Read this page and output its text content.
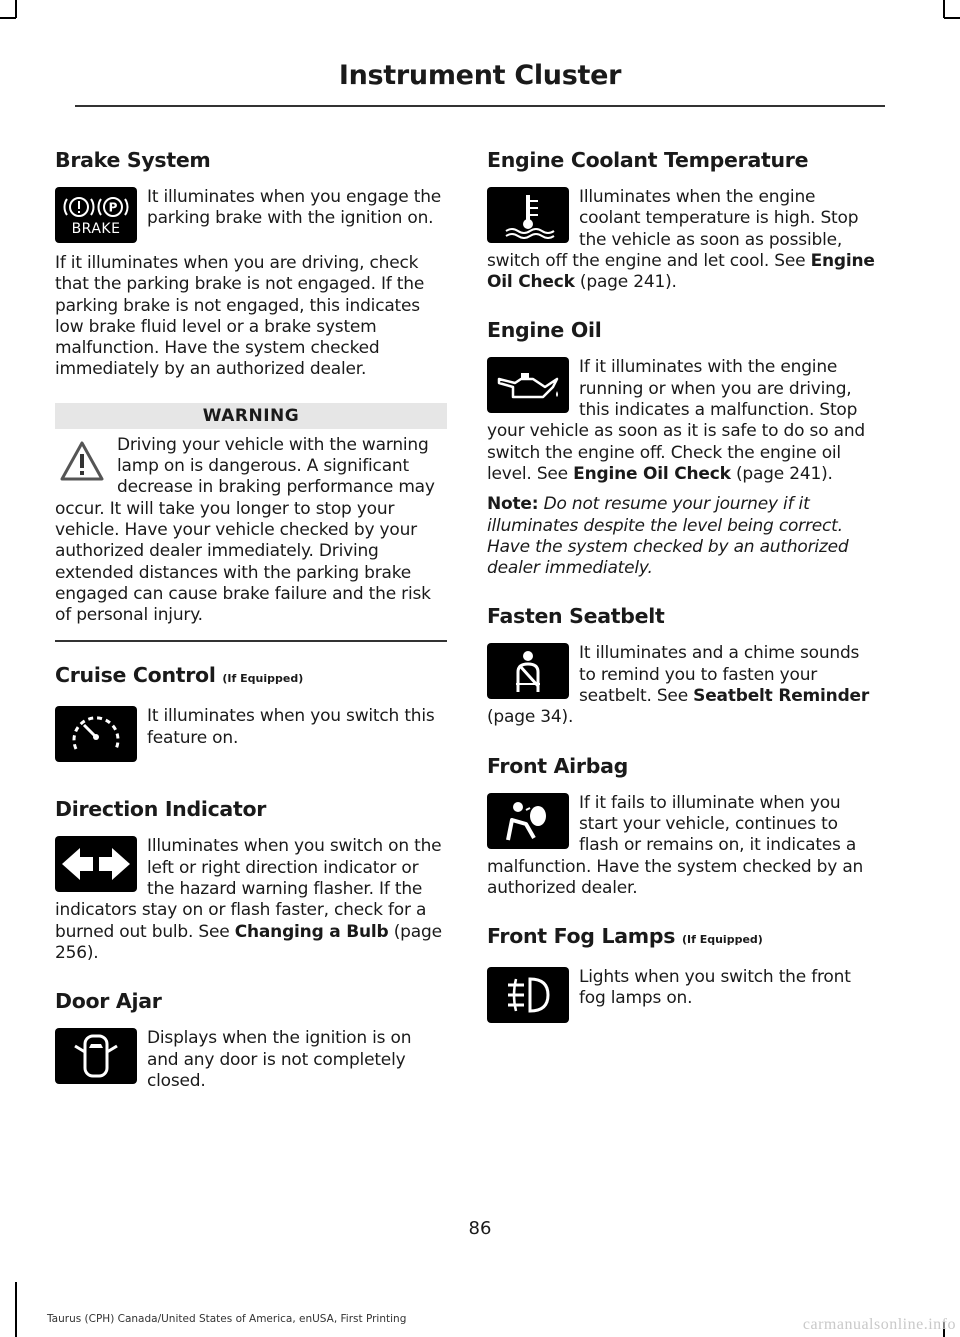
Instrument Cluster
Brake System
P
BRAKE
It illuminates when you engage the parking brake with the ignition on.
If it illuminates when you are driving, check that the parking brake is not engaged. If the parking brake is not engaged, this indicates low brake fluid level or a brake system malfunction. Have the system checked immediately by an authorized dealer.
WARNING
Driving your vehicle with the warning lamp on is dangerous. A significant decrease in braking performance may occur. It will take you longer to stop your vehicle. Have your vehicle checked by your authorized dealer immediately. Driving extended distances with the parking brake engaged can cause brake failure and the risk of personal injury.
Cruise Control (If Equipped)
It illuminates when you switch this feature on.
Direction Indicator
Illuminates when you switch on the left or right direction indicator or the hazard warning flasher. If the indicators stay on or flash faster, check for a burned out bulb. See Changing a Bulb (page 256).
Door Ajar
Displays when the ignition is on and any door is not completely closed.
Engine Coolant Temperature
Illuminates when the engine coolant temperature is high. Stop the vehicle as soon as possible, switch off the engine and let cool. See Engine Oil Check (page 241).
Engine Oil
If it illuminates with the engine running or when you are driving, this indicates a malfunction. Stop your vehicle as soon as it is safe to do so and switch the engine off. Check the engine oil level. See Engine Oil Check (page 241).
Note: Do not resume your journey if it illuminates despite the level being correct. Have the system checked by an authorized dealer immediately.
Fasten Seatbelt
It illuminates and a chime sounds to remind you to fasten your seatbelt. See Seatbelt Reminder (page 34).
Front Airbag
If it fails to illuminate when you start your vehicle, continues to flash or remains on, it indicates a malfunction. Have the system checked by an authorized dealer.
Front Fog Lamps (If Equipped)
Lights when you switch the front fog lamps on.
86
Taurus (CPH) Canada/United States of America, enUSA, First Printing	carmanualsonline.info
